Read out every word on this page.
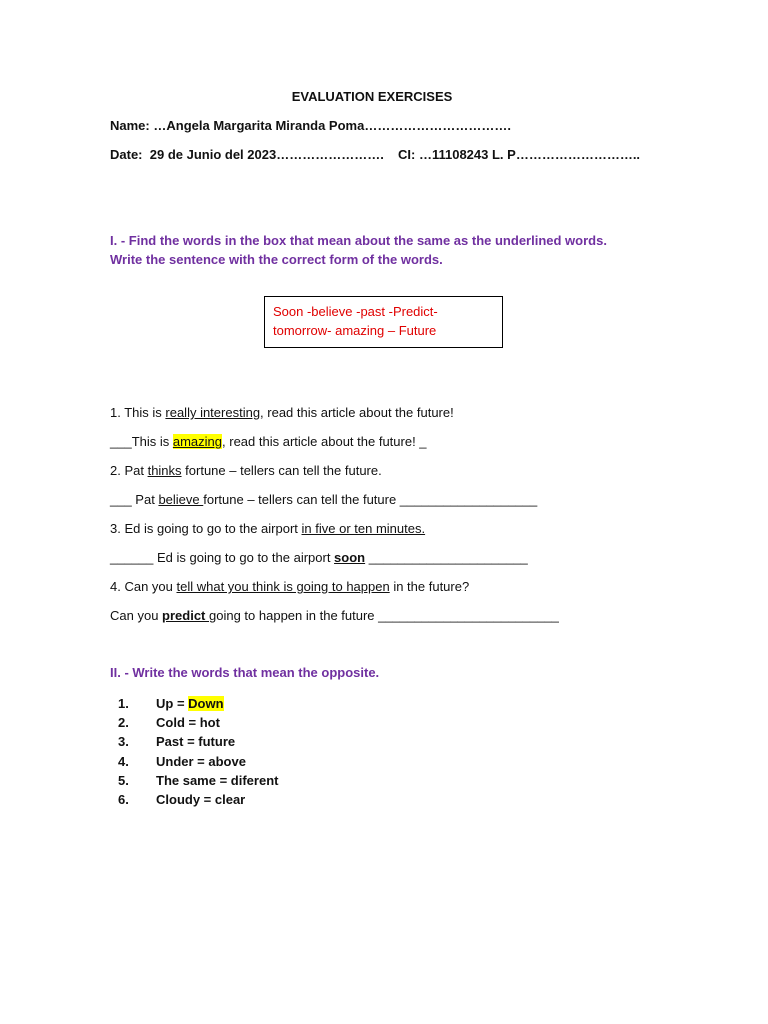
EVALUATION EXERCISES
Name: …Angela Margarita Miranda Poma…………………………….
Date: 29 de Junio del 2023……………………. CI: …11108243 L. P………………………..
I. - Find the words in the box that mean about the same as the underlined words.
Write the sentence with the correct form of the words.
Soon -believe -past -Predict-
tomorrow- amazing – Future
1. This is really interesting, read this article about the future!
___This is amazing, read this article about the future! _
2. Pat thinks fortune – tellers can tell the future.
___ Pat believe fortune – tellers can tell the future ___________________
3. Ed is going to go to the airport in five or ten minutes.
______ Ed is going to go to the airport soon ______________________
4. Can you tell what you think is going to happen in the future?
Can you predict going to happen in the future _________________________
II. - Write the words that mean the opposite.
1. Up = Down
2. Cold = hot
3. Past = future
4. Under = above
5. The same = diferent
6. Cloudy = clear
